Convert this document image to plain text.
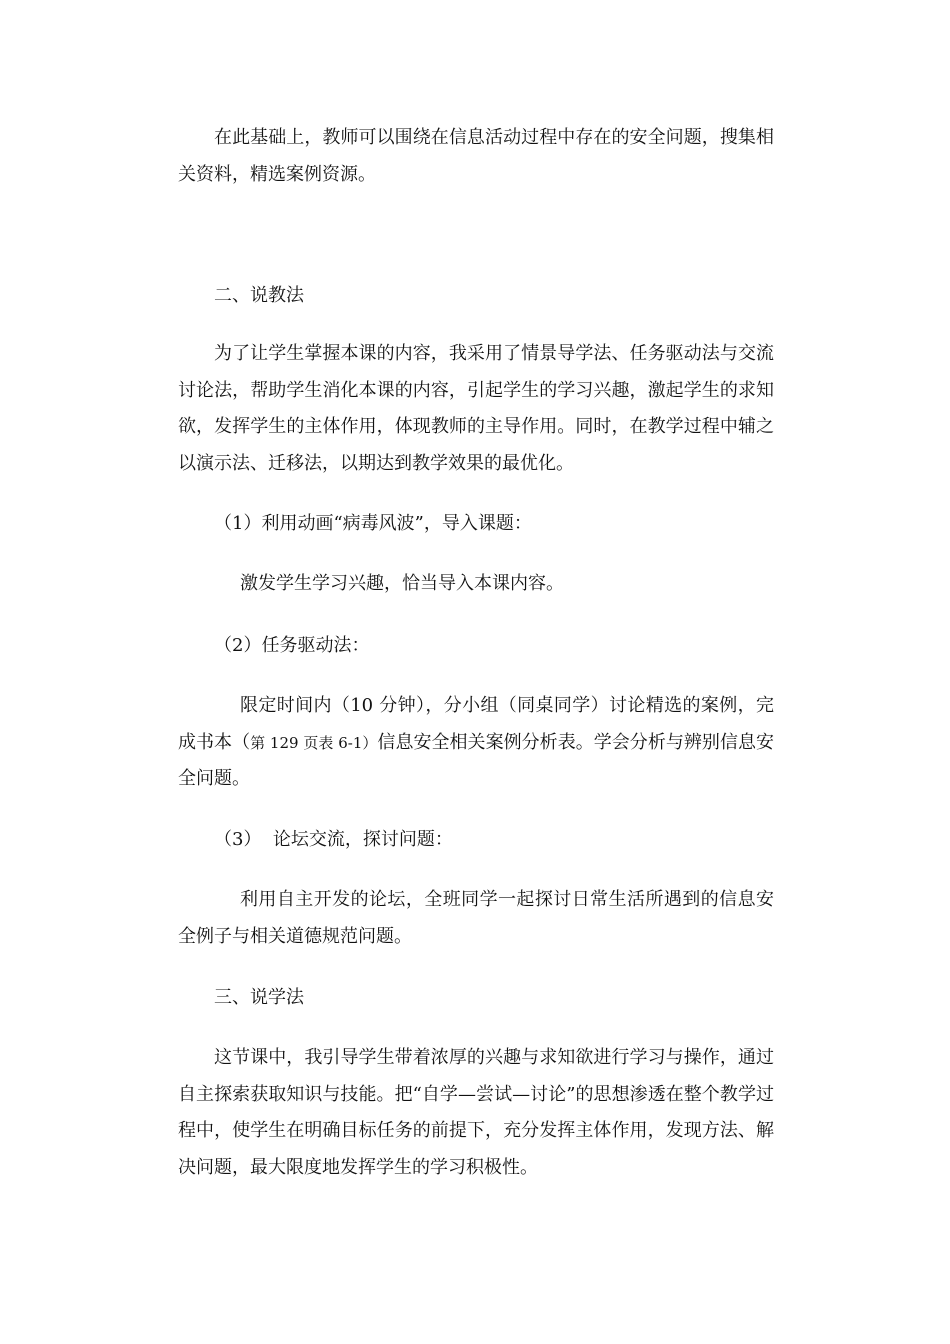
在此基础上，教师可以围绕在信息活动过程中存在的安全问题，搜集相关资料，精选案例资源。

二、说教法

为了让学生掌握本课的内容，我采用了情景导学法、任务驱动法与交流讨论法，帮助学生消化本课的内容，引起学生的学习兴趣，激起学生的求知欲，发挥学生的主体作用，体现教师的主导作用。同时，在教学过程中辅之以演示法、迁移法，以期达到教学效果的最优化。

（1）利用动画“病毒风波”，导入课题：

激发学生学习兴趣，恰当导入本课内容。

（2）任务驱动法：

限定时间内（10 分钟），分小组（同桌同学）讨论精选的案例，完成书本（第 129 页表 6-1）信息安全相关案例分析表。学会分析与辨别信息安全问题。

（3）  论坛交流，探讨问题：

利用自主开发的论坛，全班同学一起探讨日常生活所遇到的信息安全例子与相关道德规范问题。

三、说学法

这节课中，我引导学生带着浓厚的兴趣与求知欲进行学习与操作，通过自主探索获取知识与技能。把“自学—尝试—讨论”的思想渗透在整个教学过程中，使学生在明确目标任务的前提下，充分发挥主体作用，发现方法、解决问题，最大限度地发挥学生的学习积极性。
